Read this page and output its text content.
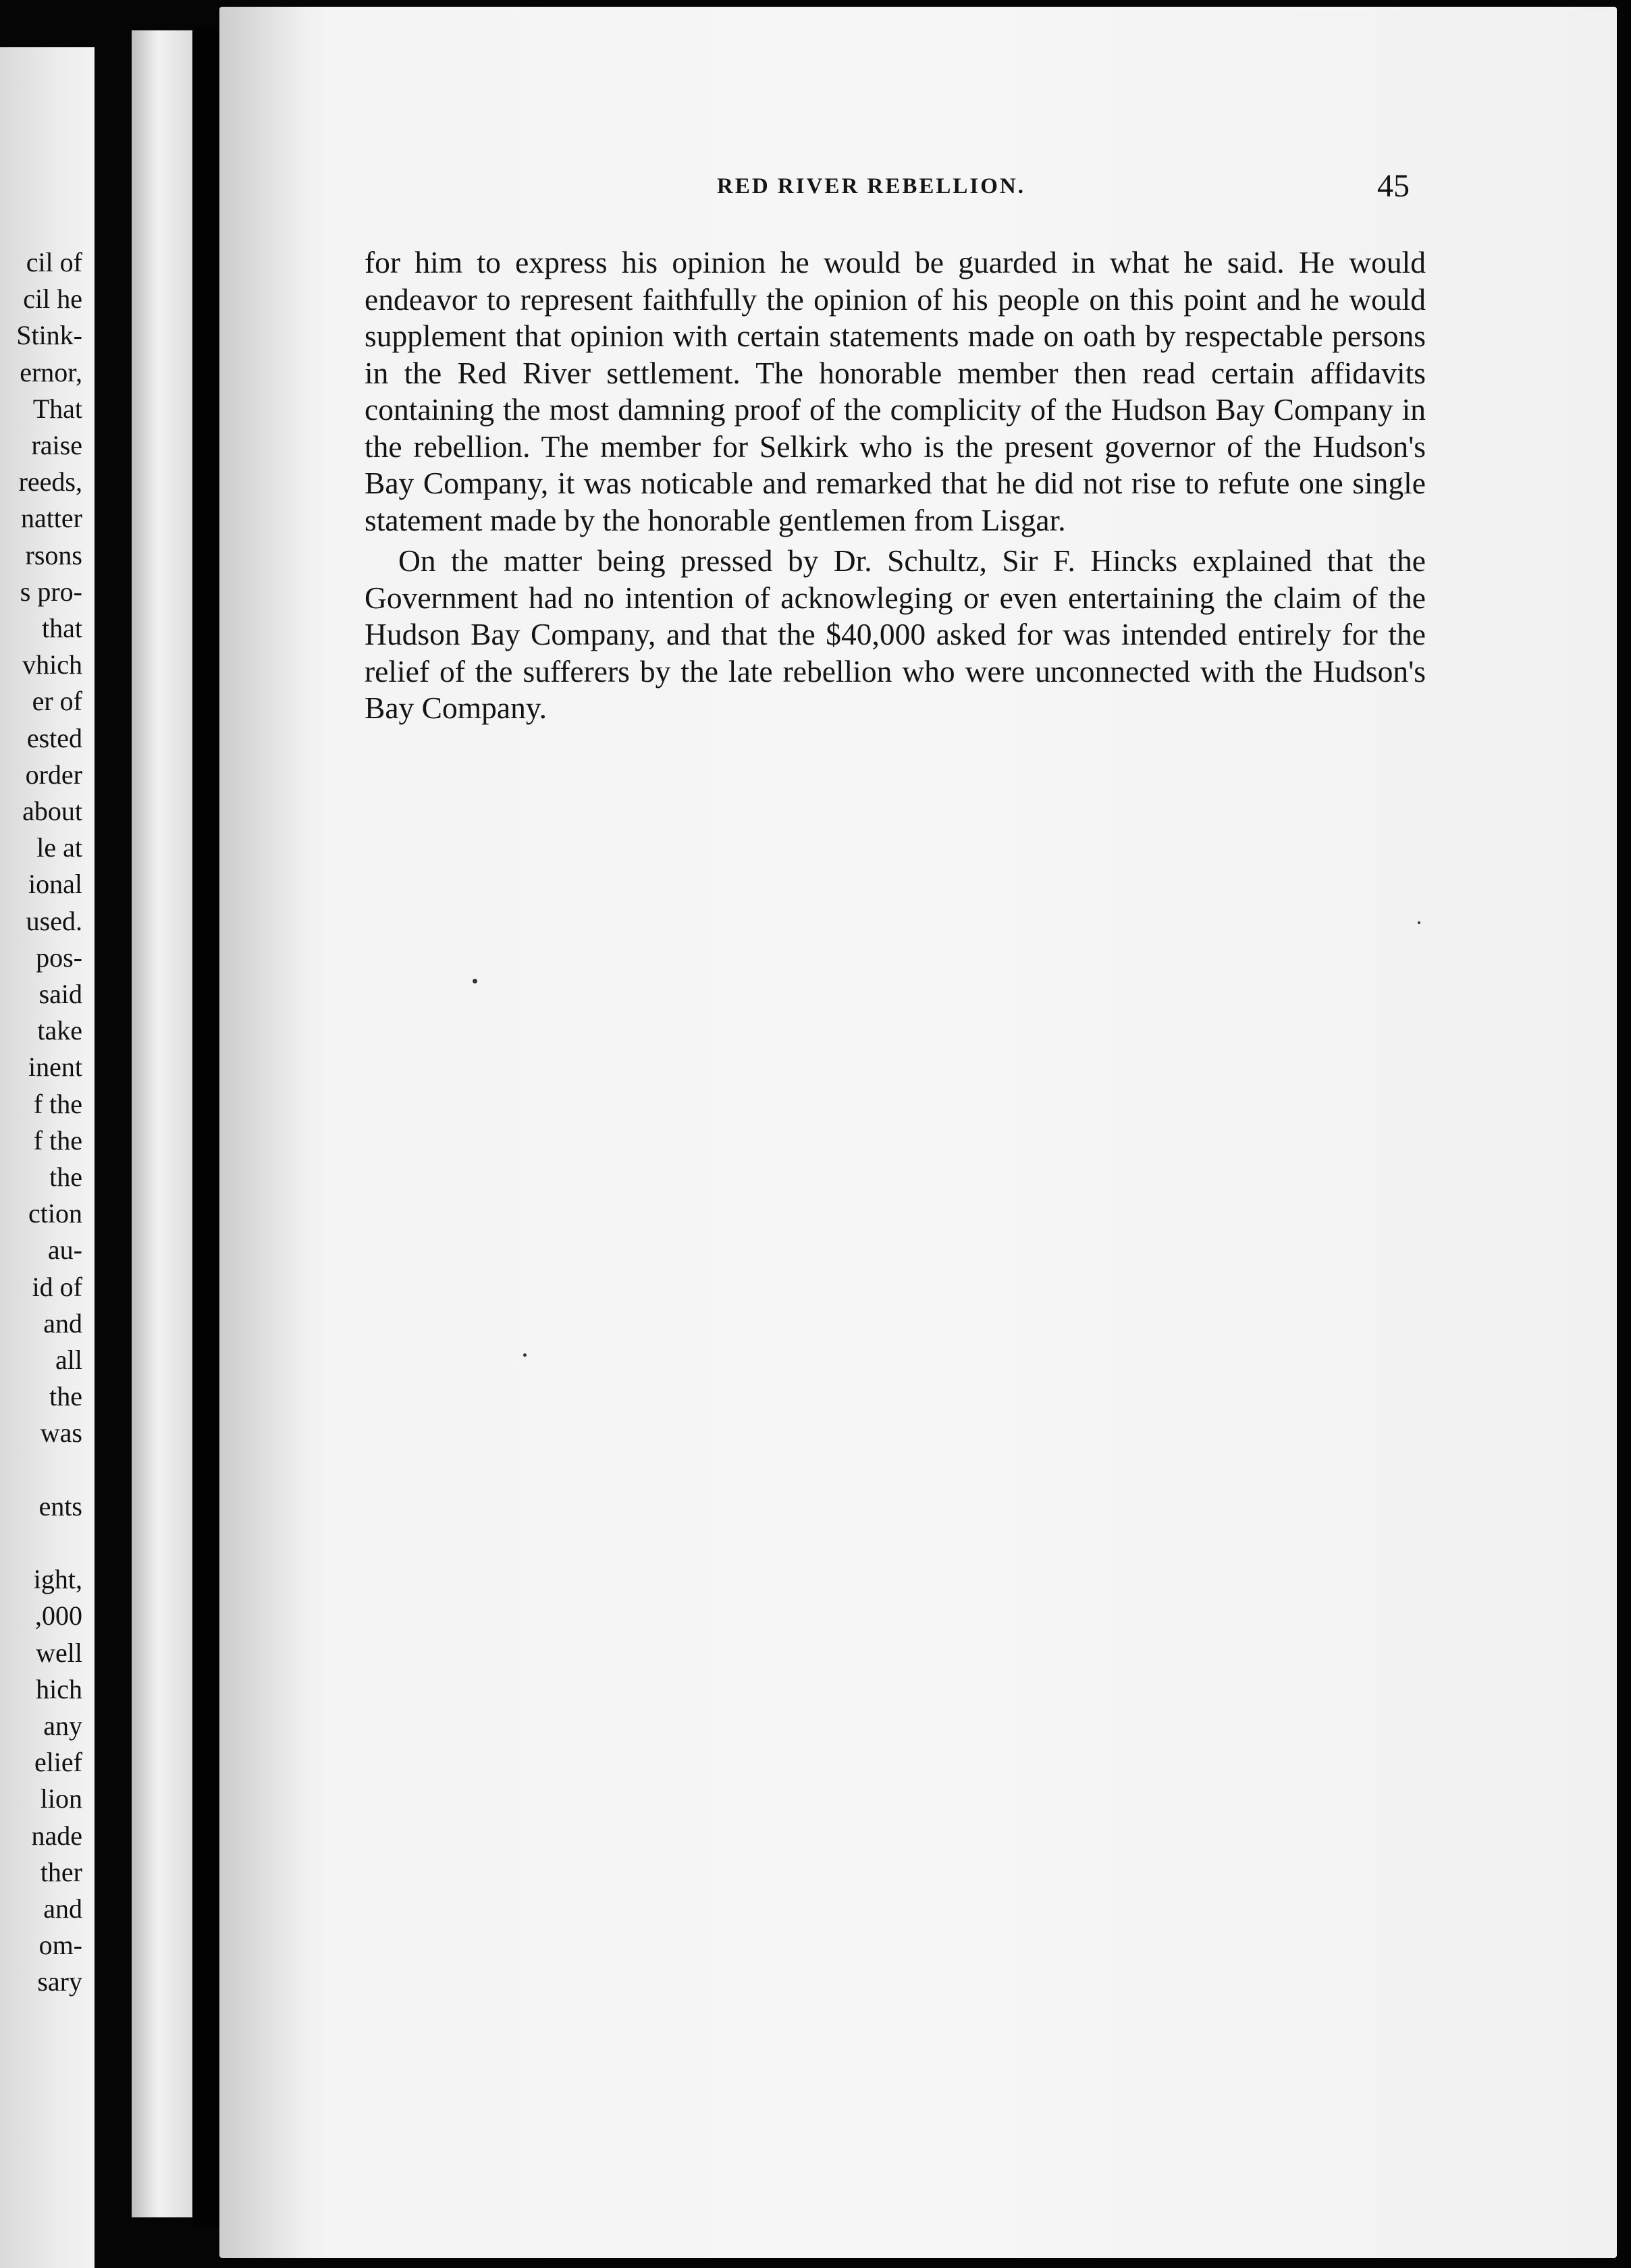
cil of
cil he
Stink-
ernor,
That
raise
reeds,
natter
rsons
s pro-
that
vhich
er of
ested
order
about
le at
ional
used.
pos-
said
take
inent
f the
f the
the
ction
au-
id of
and
all
the
was
ents
ight,
,000
well
hich
any
elief
lion
nade
ther
and
om-
sary
RED RIVER REBELLION.	45

for him to express his opinion he would be guarded in what he said. He would endeavor to represent faithfully the opinion of his people on this point and he would supplement that opinion with certain statements made on oath by respectable persons in the Red River settlement. The honorable member then read certain affidavits containing the most damning proof of the complicity of the Hudson Bay Company in the rebellion. The member for Selkirk who is the present governor of the Hudson's Bay Company, it was noticable and remarked that he did not rise to refute one single statement made by the honorable gentlemen from Lisgar.

On the matter being pressed by Dr. Schultz, Sir F. Hincks explained that the Government had no intention of acknowleging or even entertaining the claim of the Hudson Bay Company, and that the $40,000 asked for was intended entirely for the relief of the sufferers by the late rebellion who were unconnected with the Hudson's Bay Company.
